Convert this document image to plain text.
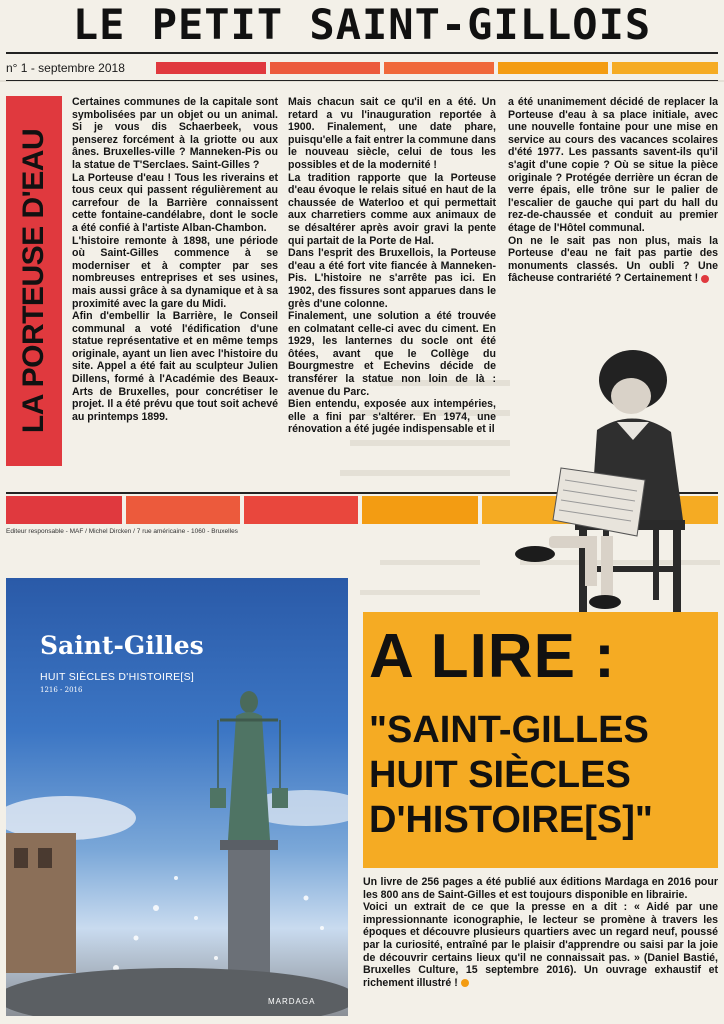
LE PETIT SAINT-GILLOIS
n° 1 - septembre 2018
LA PORTEUSE D'EAU

Certaines communes de la capitale sont symbolisées par un objet ou un animal. Si je vous dis Schaerbeek, vous penserez forcément à la griotte ou aux ânes. Bruxelles-ville ? Manneken-Pis ou la statue de T'Serclaes. Saint-Gilles ?

La Porteuse d'eau ! Tous les riverains et tous ceux qui passent régulièrement au carrefour de la Barrière connaissent cette fontaine-candélabre, dont le socle a été confié à l'artiste Alban-Chambon.

L'histoire remonte à 1898, une période où Saint-Gilles commence à se moderniser et à compter par ses nombreuses entreprises et ses usines, mais aussi grâce à sa dynamique et à sa proximité avec la gare du Midi.

Afin d'embellir la Barrière, le Conseil communal a voté l'édification d'une statue représentative et en même temps originale, ayant un lien avec l'histoire du site. Appel a été fait au sculpteur Julien Dillens, formé à l'Académie des Beaux-Arts de Bruxelles, pour concrétiser le projet. Il a été prévu que tout soit achevé au printemps 1899.

Mais chacun sait ce qu'il en a été. Un retard a vu l'inauguration reportée à 1900. Finalement, une date phare, puisqu'elle a fait entrer la commune dans le nouveau siècle, celui de tous les possibles et de la modernité !

La tradition rapporte que la Porteuse d'eau évoque le relais situé en haut de la chaussée de Waterloo et qui permettait aux charretiers comme aux animaux de se désaltérer après avoir gravi la pente qui partait de la Porte de Hal.

Dans l'esprit des Bruxellois, la Porteuse d'eau a été fort vite fiancée à Manneken-Pis. L'histoire ne s'arrête pas ici. En 1902, des fissures sont apparues dans le grès d'une colonne.

Finalement, une solution a été trouvée en colmatant celle-ci avec du ciment. En 1929, les lanternes du socle ont été ôtées, avant que le Collège du Bourgmestre et Echevins décide de transférer la statue non loin de là : avenue du Parc.

Bien entendu, exposée aux intempéries, elle a fini par s'altérer. En 1974, une rénovation a été jugée indispensable et il

a été unanimement décidé de replacer la Porteuse d'eau à sa place initiale, avec une nouvelle fontaine pour une mise en service au cours des vacances scolaires d'été 1977. Les passants savent-ils qu'il s'agit d'une copie ? Où se situe la pièce originale ? Protégée derrière un écran de verre épais, elle trône sur le palier de l'escalier de gauche qui part du hall du rez-de-chaussée et conduit au premier étage de l'Hôtel communal.

On ne le sait pas non plus, mais la Porteuse d'eau ne fait pas partie des monuments classés. Un oubli ? Une fâcheuse contrariété ? Certainement !

Editeur responsable - MAF / Michel Dircken / 7 rue américaine - 1060 - Bruxelles
Saint-Gilles
HUIT SIÈCLES D'HISTOIRE[S]
1216 - 2016
MARDAGA
A LIRE :
"SAINT-GILLES
HUIT SIÈCLES
D'HISTOIRE[S]"

Un livre de 256 pages a été publié aux éditions Mardaga en 2016 pour les 800 ans de Saint-Gilles et est toujours disponible en librairie.

Voici un extrait de ce que la presse en a dit : « Aidé par une impressionnante iconographie, le lecteur se promène à travers les époques et découvre plusieurs quartiers avec un regard neuf, poussé par la curiosité, entraîné par le plaisir d'apprendre ou saisi par la joie de découvrir certains lieux qu'il ne connaissait pas. » (Daniel Bastié, Bruxelles Culture, 15 septembre 2016). Un ouvrage exhaustif et richement illustré !
